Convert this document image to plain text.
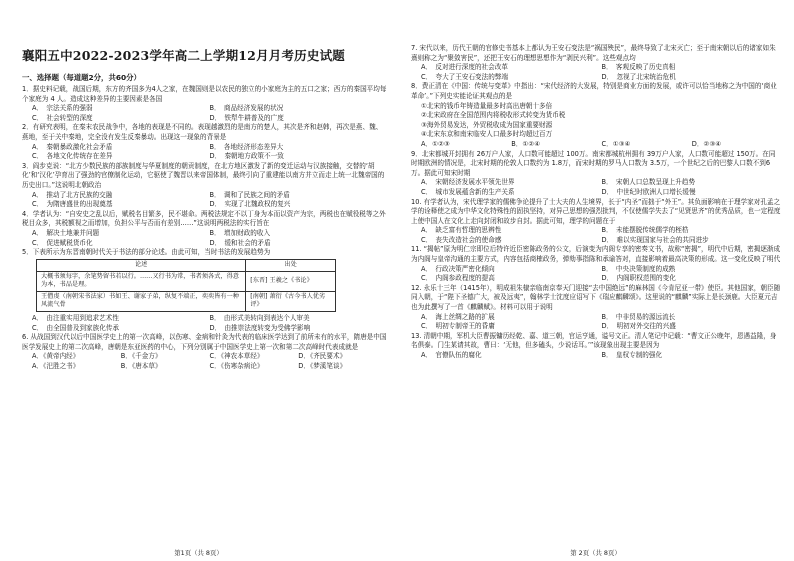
襄阳五中2022-2023学年高二上学期12月月考历史试题
一、选择题（每道题2分，共60分）

1．据史料记载，战国后期，东方的齐国多为4人之家，在魏国则是以农民的独立的小家庭为主的五口之家；西方的秦国平均每个家庭为 4 人。造成这种差异的主要因素是各国

A．　宗法关系的强弱	B．　商品经济发展的状况
C．　社会转型的深度	D．　铁犁牛耕普及的广度

2．有研究表明，在秦末农民战争中，各地的表现是不同的。表现越激烈的是南方的楚人，其次是齐和赵韩，再次是燕、魏、燕地，至于关中秦地，完全没有发生反秦暴动。出现这一现象的背景是

A．　秦朝暴政激化社会矛盾	B．　各地经济形态差异大
C．　各地文化传统存在差异	D．　秦朝地方政策不一致

3．阎步克说：“北方少数民族的部族制度与华夏制度的朝贡制度，在北方地区激发了新的变迁运动与汉族接触，交替的‘胡化’和‘汉化’孕育出了强劲的官僚制化运动，它驱使了魏晋以来帝国体制，最终引向了重建能以南方并立而走上统一北魏帝国的历史出口。”这说明北朝政治

A．　推动了北方民族的交融	B．　调和了民族之间的矛盾
C．　为隋唐盛世的出现奠基	D．　实现了北魏政权的复兴

4．学者认为：“自安史之乱以后，赋税名目繁多，民不堪命。两税法规定不以丁身为本而以资产为宗，两税也在赋役税等之外税目众多，其税额视之而增加，负担公平与否而有差别……”这说明两税法的实行旨在

A．　解决土地兼并问题	B．　增加财政的收入
C．　促进赋税货币化	D．　缓和社会的矛盾

5．下表所示为东晋南朝时代关于书法的部分论述。由此可知，当时书法的发展趋势为

论述	出处
大概书须每字，余笔势留书若以行。……又行书为常，书者须各式，得意为本，书品是理。	[东晋] 王羲之《书论》
王僧虔（南朝宋书法家）书如王、谢家子弟，纵复不端正，奕奕皆有一种风流气骨	[南朝] 萧衍《古今书人优劣评》
A．　由注重实用到追求艺术性	B．　由形式美转向到表达个人审美
C．　由全国普及到家族化传承	D．　由推崇法度转变为受佛学影响

6. 从战国到汉代以后中国医学史上的第一次高峰，以伤寒、金病和针灸为代表的临床医学达到了前所未有的水平，隋唐是中国医学发展史上的第二次高峰，唐朝是东亚医药的中心，下列分别属于中国医学史上第一次和第二次高峰时代表成就是

A．《黄帝内经》	B．《千金方》	C．《神农本草经》	D．《齐民要术》
A．《汜胜之书》	B．《唐本草》	C．《伤寒杂病论》	D．《梦溪笔谈》
第1页（共 8页）

7. 宋代以来，历代王朝的官修史书基本上都认为王安石变法是“祸国殃民”，最终导致了北宋灭亡；至于南宋朝以后的诸家如朱熹则称之为“聚敛害民”，还把王安石的理想思想作为“剥民兴利”。这些观点均

A．　反对进行深度的社会改革	B．　客观反映了历史真相
C．　夸大了王安石变法的弊端	D．　忽视了北宋统治危机

8．费正清在《中国：传统与变革》中指出：“宋代经济的大发展，特别是商业方面的发展，或许可以恰当地称之为中国的‘商业革命’。”下列史实能论证其观点的是

①北宋的钱币年铸造量最多时高出唐朝十多倍
②北宋政府在全国范围内将税收形式转变为货币税
③海外贸易发达，外贸税收成为国家重要财源
④北宋东京和南宋临安人口最多时均超过百万
A．①②③	B．①②④	C．①③④	D．②③④

9．北宋都城开封拥有 26万户人家，人口数可能超过 100万。南宋都城杭州拥有 39万户人家，人口数可能超过 150万。在同时期欧洲的情况是，北宋时期的伦敦人口数约为 1.8万，而宋时期的罗马人口数为 3.5万，一个世纪之后的巴黎人口数不到6万。据此可知宋时期

A．　宋朝经济发展水平领先世界	B．　宋朝人口总数呈现上升趋势
C．　城市发展蕴含新的生产关系	D．　中世纪时欧洲人口增长缓慢

10. 有学者认为，宋代理学家的儒佛争论提升了士大夫的人生境界，长于“内圣”而拙于“外王”。其负面影响在于理学家对孔孟之学的诠释使之成为中华文化特殊性的固执坚持，对异己思想的强烈批判，不仅使儒学失去了“见贤思齐”的优秀品质，也一定程度上使中国人在文化上走向封闭和故步自封。据此可知，理学的问题在于

A．　缺乏富有哲理的思辨性	B．　未能摆脱传统儒学的桎梏
C．　丧失改造社会的使命感	D．　难以实现国家与社会的共同进步

11. “揭帖”原为明仁宗即位后特许近臣密陈政务的公文，后演变为内阁专享的密奏文书，故称“密揭”，明代中后期，密揭逐渐成为内阁与皇帝沟通的主要方式，内容包括商榷政务，弹劾事指陈和承谕答对，直接影响着最高决策的形成。这一变化反映了明代

A．　行政决策严密化倾向	B．　中央决策制度的成熟
C．　内阁参政程度的提高	D．　内阁职权范围的变化

12. 永乐十三年（1415年），明成祖朱棣亲临南京奉天门迎接“去中国绝远”的麻林国《今肯尼亚一带》使臣。其他国家，朝臣随同入朝，于“陛下圣德广大，被及远夷”，翰林学士沈度应诏写下《瑞应麒麟颂》。这里说的“麒麟”实际上是长颈鹿。大臣夏元吉也为此撰写了一首《麒麟赋》。材料可以用于说明

A．　海上丝绸之路的扩展	B．　中非贸易的源远流长
C．　明初专制帝王的昏庸	D．　明初对外交往的兴盛

13. 清朝中期，军机大臣曹振镛历经乾、嘉、道三朝，官运亨通，谥号文正。清人笔记中记载：“曹文正公晚年，恩遇益隆，身名俱泰。门生某请其故，曹曰：‘无他，但多磕头，少说话耳。’”该现象出现主要是因为

A．　官僚队伍的腐化	B．　皇权专制的强化
第 2页（共 8页）
